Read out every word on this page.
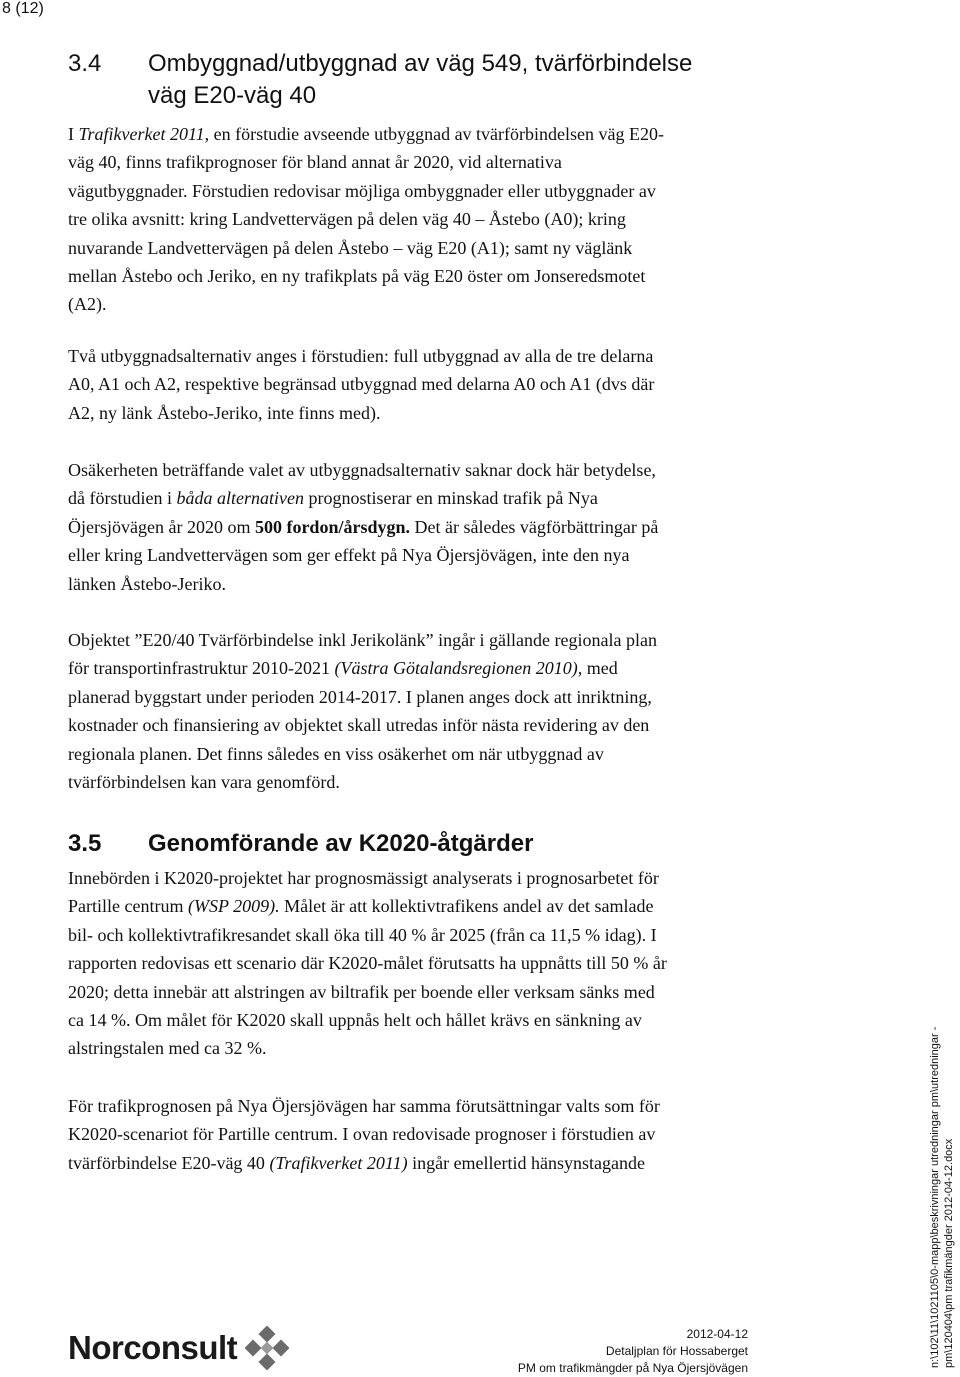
8 (12)
3.4 Ombyggnad/utbyggnad av väg 549, tvärförbindelse
väg E20-väg 40

I Trafikverket 2011, en förstudie avseende utbyggnad av tvärförbindelsen väg E20-
väg 40, finns trafikprognoser för bland annat år 2020, vid alternativa
vägutbyggnader. Förstudien redovisar möjliga ombyggnader eller utbyggnader av
tre olika avsnitt: kring Landvettervägen på delen väg 40 – Åstebo (A0); kring
nuvarande Landvettervägen på delen Åstebo – väg E20 (A1); samt ny väglänk
mellan Åstebo och Jeriko, en ny trafikplats på väg E20 öster om Jonseredsmotet
(A2).

Två utbyggnadsalternativ anges i förstudien: full utbyggnad av alla de tre delarna
A0, A1 och A2, respektive begränsad utbyggnad med delarna A0 och A1 (dvs där
A2, ny länk Åstebo-Jeriko, inte finns med).

Osäkerheten beträffande valet av utbyggnadsalternativ saknar dock här betydelse,
då förstudien i båda alternativen prognostiserar en minskad trafik på Nya
Öjersjövägen år 2020 om 500 fordon/årsdygn. Det är således vägförbättringar på
eller kring Landvettervägen som ger effekt på Nya Öjersjövägen, inte den nya
länken Åstebo-Jeriko.

Objektet ”E20/40 Tvärförbindelse inkl Jerikolänk” ingår i gällande regionala plan
för transportinfrastruktur 2010-2021 (Västra Götalandsregionen 2010), med
planerad byggstart under perioden 2014-2017. I planen anges dock att inriktning,
kostnader och finansiering av objektet skall utredas inför nästa revidering av den
regionala planen. Det finns således en viss osäkerhet om när utbyggnad av
tvärförbindelsen kan vara genomförd.

3.5 Genomförande av K2020-åtgärder

Innebörden i K2020-projektet har prognosmässigt analyserats i prognosarbetet för
Partille centrum (WSP 2009). Målet är att kollektivtrafikens andel av det samlade
bil- och kollektivtrafikresandet skall öka till 40 % år 2025 (från ca 11,5 % idag). I
rapporten redovisas ett scenario där K2020-målet förutsatts ha uppnåtts till 50 % år
2020; detta innebär att alstringen av biltrafik per boende eller verksam sänks med
ca 14 %. Om målet för K2020 skall uppnås helt och hållet krävs en sänkning av
alstringstalen med ca 32 %.

För trafikprognosen på Nya Öjersjövägen har samma förutsättningar valts som för
K2020-scenariot för Partille centrum. I ovan redovisade prognoser i förstudien av
tvärförbindelse E20-väg 40 (Trafikverket 2011) ingår emellertid hänsynstagande

Norconsult	2012-04-12
Detaljplan för Hossaberget
PM om trafikmängder på Nya Öjersjövägen	n:\102\11\1021105\0-mapp\beskrivningar utredningar pm\utredningar - pm\120404\pm trafikmängder 2012-04-12.docx
